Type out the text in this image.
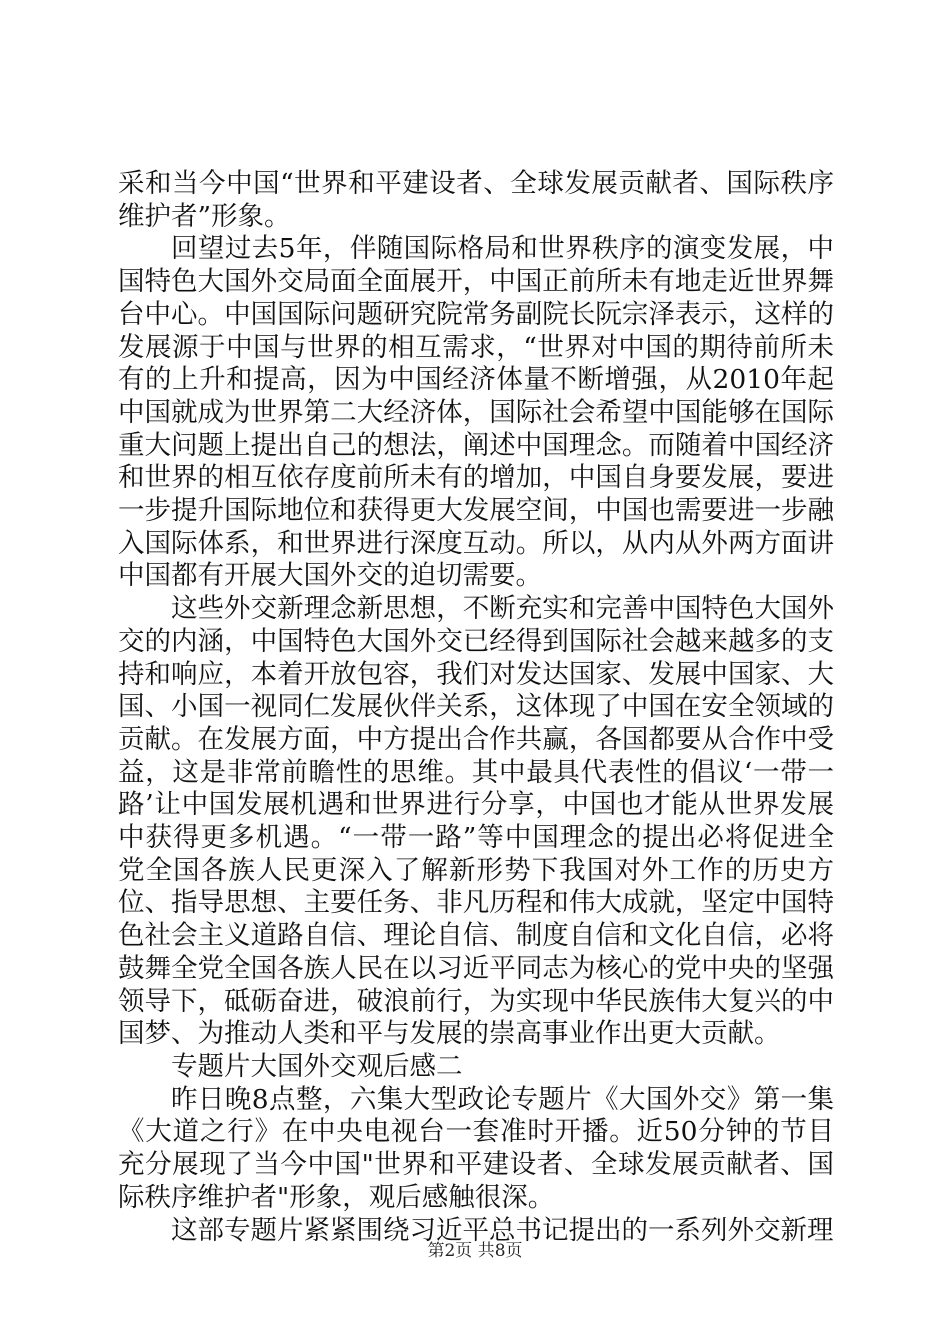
采和当今中国“世界和平建设者、全球发展贡献者、国际秩序维护者”形象。

回望过去5年，伴随国际格局和世界秩序的演变发展，中国特色大国外交局面全面展开，中国正前所未有地走近世界舞台中心。中国国际问题研究院常务副院长阮宗泽表示，这样的发展源于中国与世界的相互需求，“世界对中国的期待前所未有的上升和提高，因为中国经济体量不断增强，从2010年起中国就成为世界第二大经济体，国际社会希望中国能够在国际重大问题上提出自己的想法，阐述中国理念。而随着中国经济和世界的相互依存度前所未有的增加，中国自身要发展，要进一步提升国际地位和获得更大发展空间，中国也需要进一步融入国际体系，和世界进行深度互动。所以，从内从外两方面讲中国都有开展大国外交的迫切需要。

这些外交新理念新思想，不断充实和完善中国特色大国外交的内涵，中国特色大国外交已经得到国际社会越来越多的支持和响应，本着开放包容，我们对发达国家、发展中国家、大国、小国一视同仁发展伙伴关系，这体现了中国在安全领域的贡献。在发展方面，中方提出合作共赢，各国都要从合作中受益，这是非常前瞻性的思维。其中最具代表性的倡议‘一带一路’让中国发展机遇和世界进行分享，中国也才能从世界发展中获得更多机遇。“一带一路”等中国理念的提出必将促进全党全国各族人民更深入了解新形势下我国对外工作的历史方位、指导思想、主要任务、非凡历程和伟大成就，坚定中国特色社会主义道路自信、理论自信、制度自信和文化自信，必将鼓舞全党全国各族人民在以习近平同志为核心的党中央的坚强领导下，砥砺奋进，破浪前行，为实现中华民族伟大复兴的中国梦、为推动人类和平与发展的崇高事业作出更大贡献。

专题片大国外交观后感二

昨日晚8点整，六集大型政论专题片《大国外交》第一集《大道之行》在中央电视台一套准时开播。近50分钟的节目充分展现了当今中国"世界和平建设者、全球发展贡献者、国际秩序维护者"形象，观后感触很深。

这部专题片紧紧围绕习近平总书记提出的一系列外交新理

第2页 共8页
